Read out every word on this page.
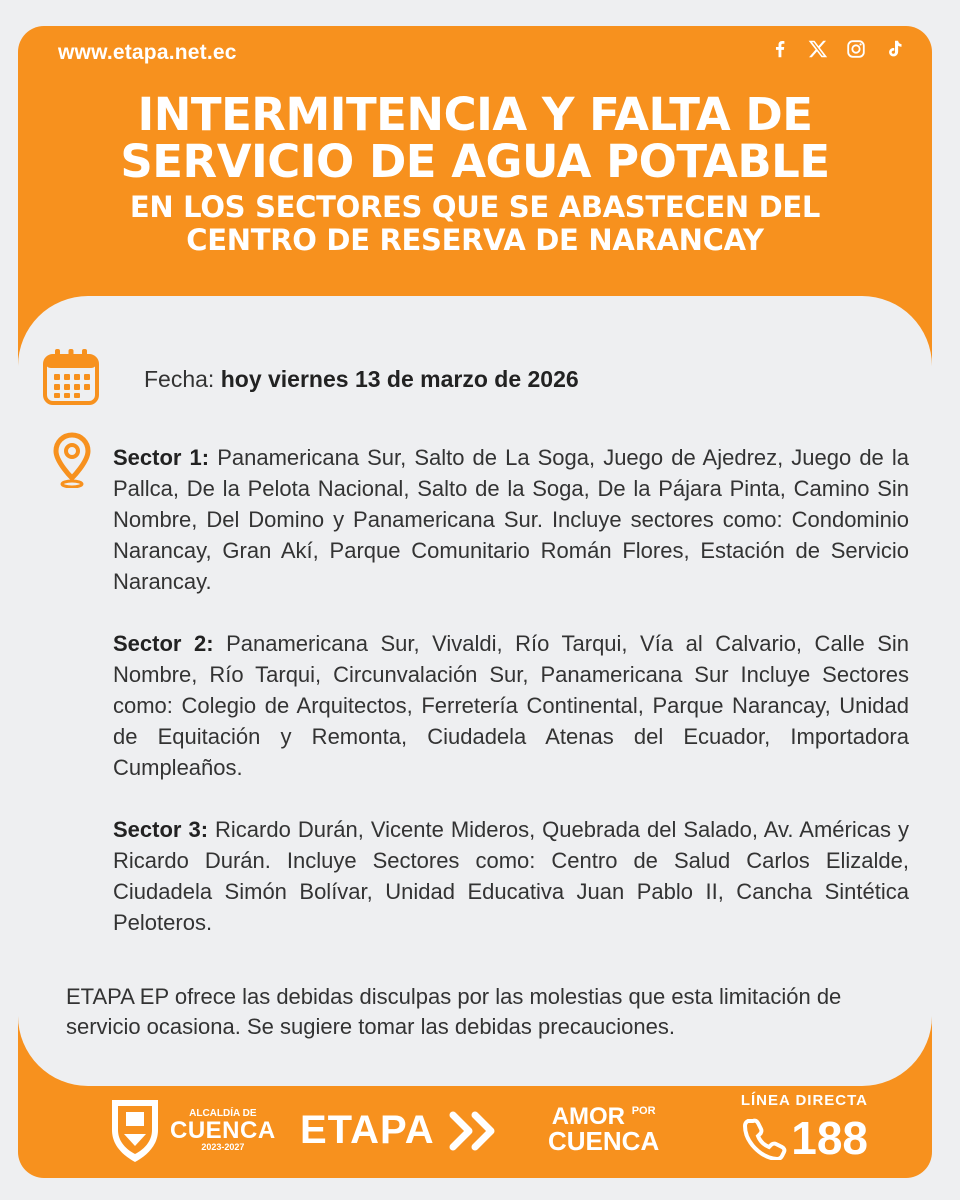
www.etapa.net.ec
INTERMITENCIA Y FALTA DE
SERVICIO DE AGUA POTABLE
EN LOS SECTORES QUE SE ABASTECEN DEL
CENTRO DE RESERVA DE NARANCAY
Fecha: hoy viernes 13 de marzo de 2026
Sector 1: Panamericana Sur, Salto de La Soga, Juego de Ajedrez, Juego de la Pallca, De la Pelota Nacional, Salto de la Soga, De la Pájara Pinta, Camino Sin Nombre, Del Domino y Panamericana Sur. Incluye sectores como: Condominio Narancay, Gran Akí, Parque Comunitario Román Flores, Estación de Servicio Narancay.
Sector 2: Panamericana Sur, Vivaldi, Río Tarqui, Vía al Calvario, Calle Sin Nombre, Río Tarqui, Circunvalación Sur, Panamericana Sur Incluye Sectores como: Colegio de Arquitectos, Ferretería Continental, Parque Narancay, Unidad de Equitación y Remonta, Ciudadela Atenas del Ecuador, Importadora Cumpleaños.
Sector 3: Ricardo Durán, Vicente Mideros, Quebrada del Salado, Av. Américas y Ricardo Durán. Incluye Sectores como: Centro de Salud Carlos Elizalde, Ciudadela Simón Bolívar, Unidad Educativa Juan Pablo II, Cancha Sintética Peloteros.
ETAPA EP ofrece las debidas disculpas por las molestias que esta limitación de servicio ocasiona. Se sugiere tomar las debidas precauciones.
ALCALDÍA DE
CUENCA
2023-2027	ETAPA	AMOR $^{POR}$
CUENCA
LÍNEA DIRECTA
188
